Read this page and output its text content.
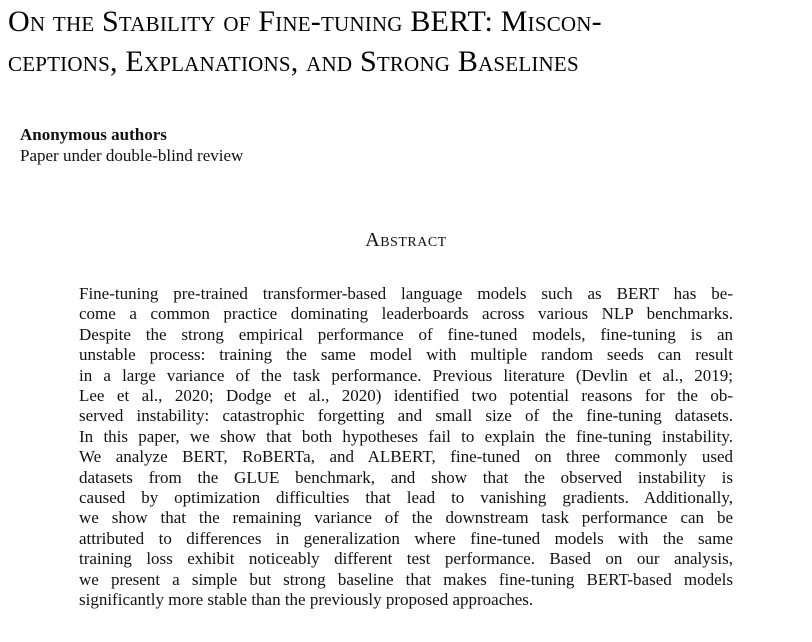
On the Stability of Fine-tuning BERT: Miscon-
ceptions, Explanations, and Strong Baselines
Anonymous authors
Paper under double-blind review
Abstract
Fine-tuning pre-trained transformer-based language models such as BERT has be-
come a common practice dominating leaderboards across various NLP benchmarks.
Despite the strong empirical performance of fine-tuned models, fine-tuning is an
unstable process: training the same model with multiple random seeds can result
in a large variance of the task performance. Previous literature (Devlin et al., 2019;
Lee et al., 2020; Dodge et al., 2020) identified two potential reasons for the ob-
served instability: catastrophic forgetting and small size of the fine-tuning datasets.
In this paper, we show that both hypotheses fail to explain the fine-tuning instability.
We analyze BERT, RoBERTa, and ALBERT, fine-tuned on three commonly used
datasets from the GLUE benchmark, and show that the observed instability is
caused by optimization difficulties that lead to vanishing gradients. Additionally,
we show that the remaining variance of the downstream task performance can be
attributed to differences in generalization where fine-tuned models with the same
training loss exhibit noticeably different test performance. Based on our analysis,
we present a simple but strong baseline that makes fine-tuning BERT-based models
significantly more stable than the previously proposed approaches.
